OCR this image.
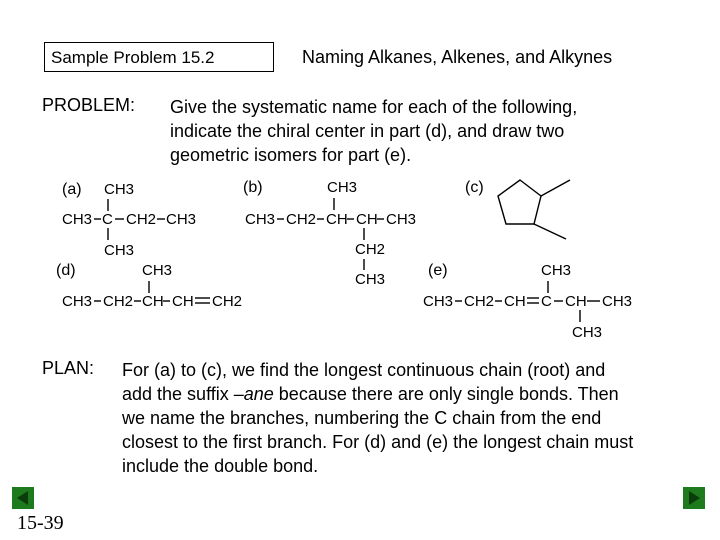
Sample Problem 15.2	Naming Alkanes, Alkenes, and Alkynes
PROBLEM: Give the systematic name for each of the following,
indicate the chiral center in part (d), and draw two
geometric isomers for part (e).
(a) CH3
CH3 C CH2 CH3
CH3
(b)	CH3
CH3 CH2 CH CH CH3
CH2
CH3
(c)
(d)	CH3
CH3 CH2 CH CH CH2
(e)	CH3
CH3 CH2 CH C CH CH3
CH3
PLAN: For (a) to (c), we find the longest continuous chain (root) and
add the suffix –ane because there are only single bonds. Then
we name the branches, numbering the C chain from the end
closest to the first branch. For (d) and (e) the longest chain must
include the double bond.
15-39
